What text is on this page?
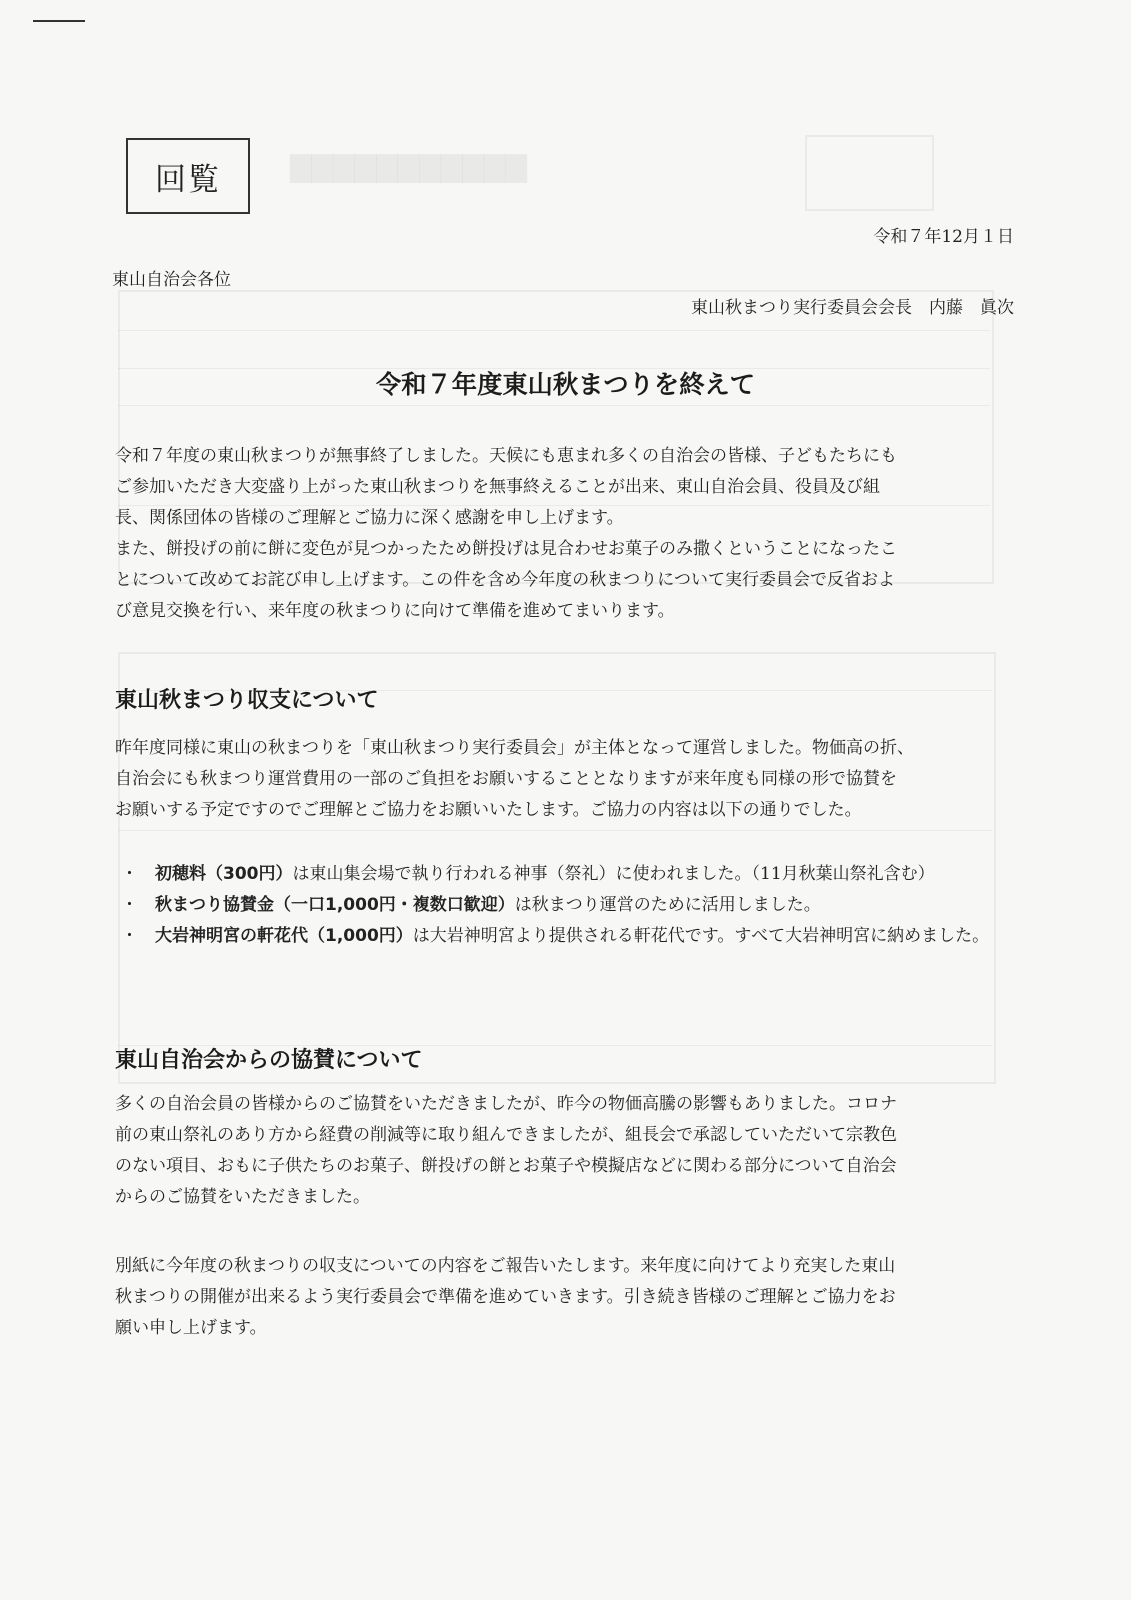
▇▇▇▇▇▇▇▇▇▇▇
回覧
令和７年12月１日
東山自治会各位
東山秋まつり実行委員会会長　内藤　眞次
令和７年度東山秋まつりを終えて
令和７年度の東山秋まつりが無事終了しました。天候にも恵まれ多くの自治会の皆様、子どもたちにも
ご参加いただき大変盛り上がった東山秋まつりを無事終えることが出来、東山自治会員、役員及び組
長、関係団体の皆様のご理解とご協力に深く感謝を申し上げます。
また、餅投げの前に餅に変色が見つかったため餅投げは見合わせお菓子のみ撒くということになったこ
とについて改めてお詫び申し上げます。この件を含め今年度の秋まつりについて実行委員会で反省およ
び意見交換を行い、来年度の秋まつりに向けて準備を進めてまいります。
東山秋まつり収支について
昨年度同様に東山の秋まつりを「東山秋まつり実行委員会」が主体となって運営しました。物価高の折、
自治会にも秋まつり運営費用の一部のご負担をお願いすることとなりますが来年度も同様の形で協賛を
お願いする予定ですのでご理解とご協力をお願いいたします。ご協力の内容は以下の通りでした。
・ 初穂料（300円）は東山集会場で執り行われる神事（祭礼）に使われました。（11月秋葉山祭礼含む）
・ 秋まつり協賛金（一口1,000円・複数口歓迎）は秋まつり運営のために活用しました。
・ 大岩神明宮の軒花代（1,000円）は大岩神明宮より提供される軒花代です。すべて大岩神明宮に納めました。
東山自治会からの協賛について
多くの自治会員の皆様からのご協賛をいただきましたが、昨今の物価高騰の影響もありました。コロナ
前の東山祭礼のあり方から経費の削減等に取り組んできましたが、組長会で承認していただいて宗教色
のない項目、おもに子供たちのお菓子、餅投げの餅とお菓子や模擬店などに関わる部分について自治会
からのご協賛をいただきました。
別紙に今年度の秋まつりの収支についての内容をご報告いたします。来年度に向けてより充実した東山
秋まつりの開催が出来るよう実行委員会で準備を進めていきます。引き続き皆様のご理解とご協力をお
願い申し上げます。
